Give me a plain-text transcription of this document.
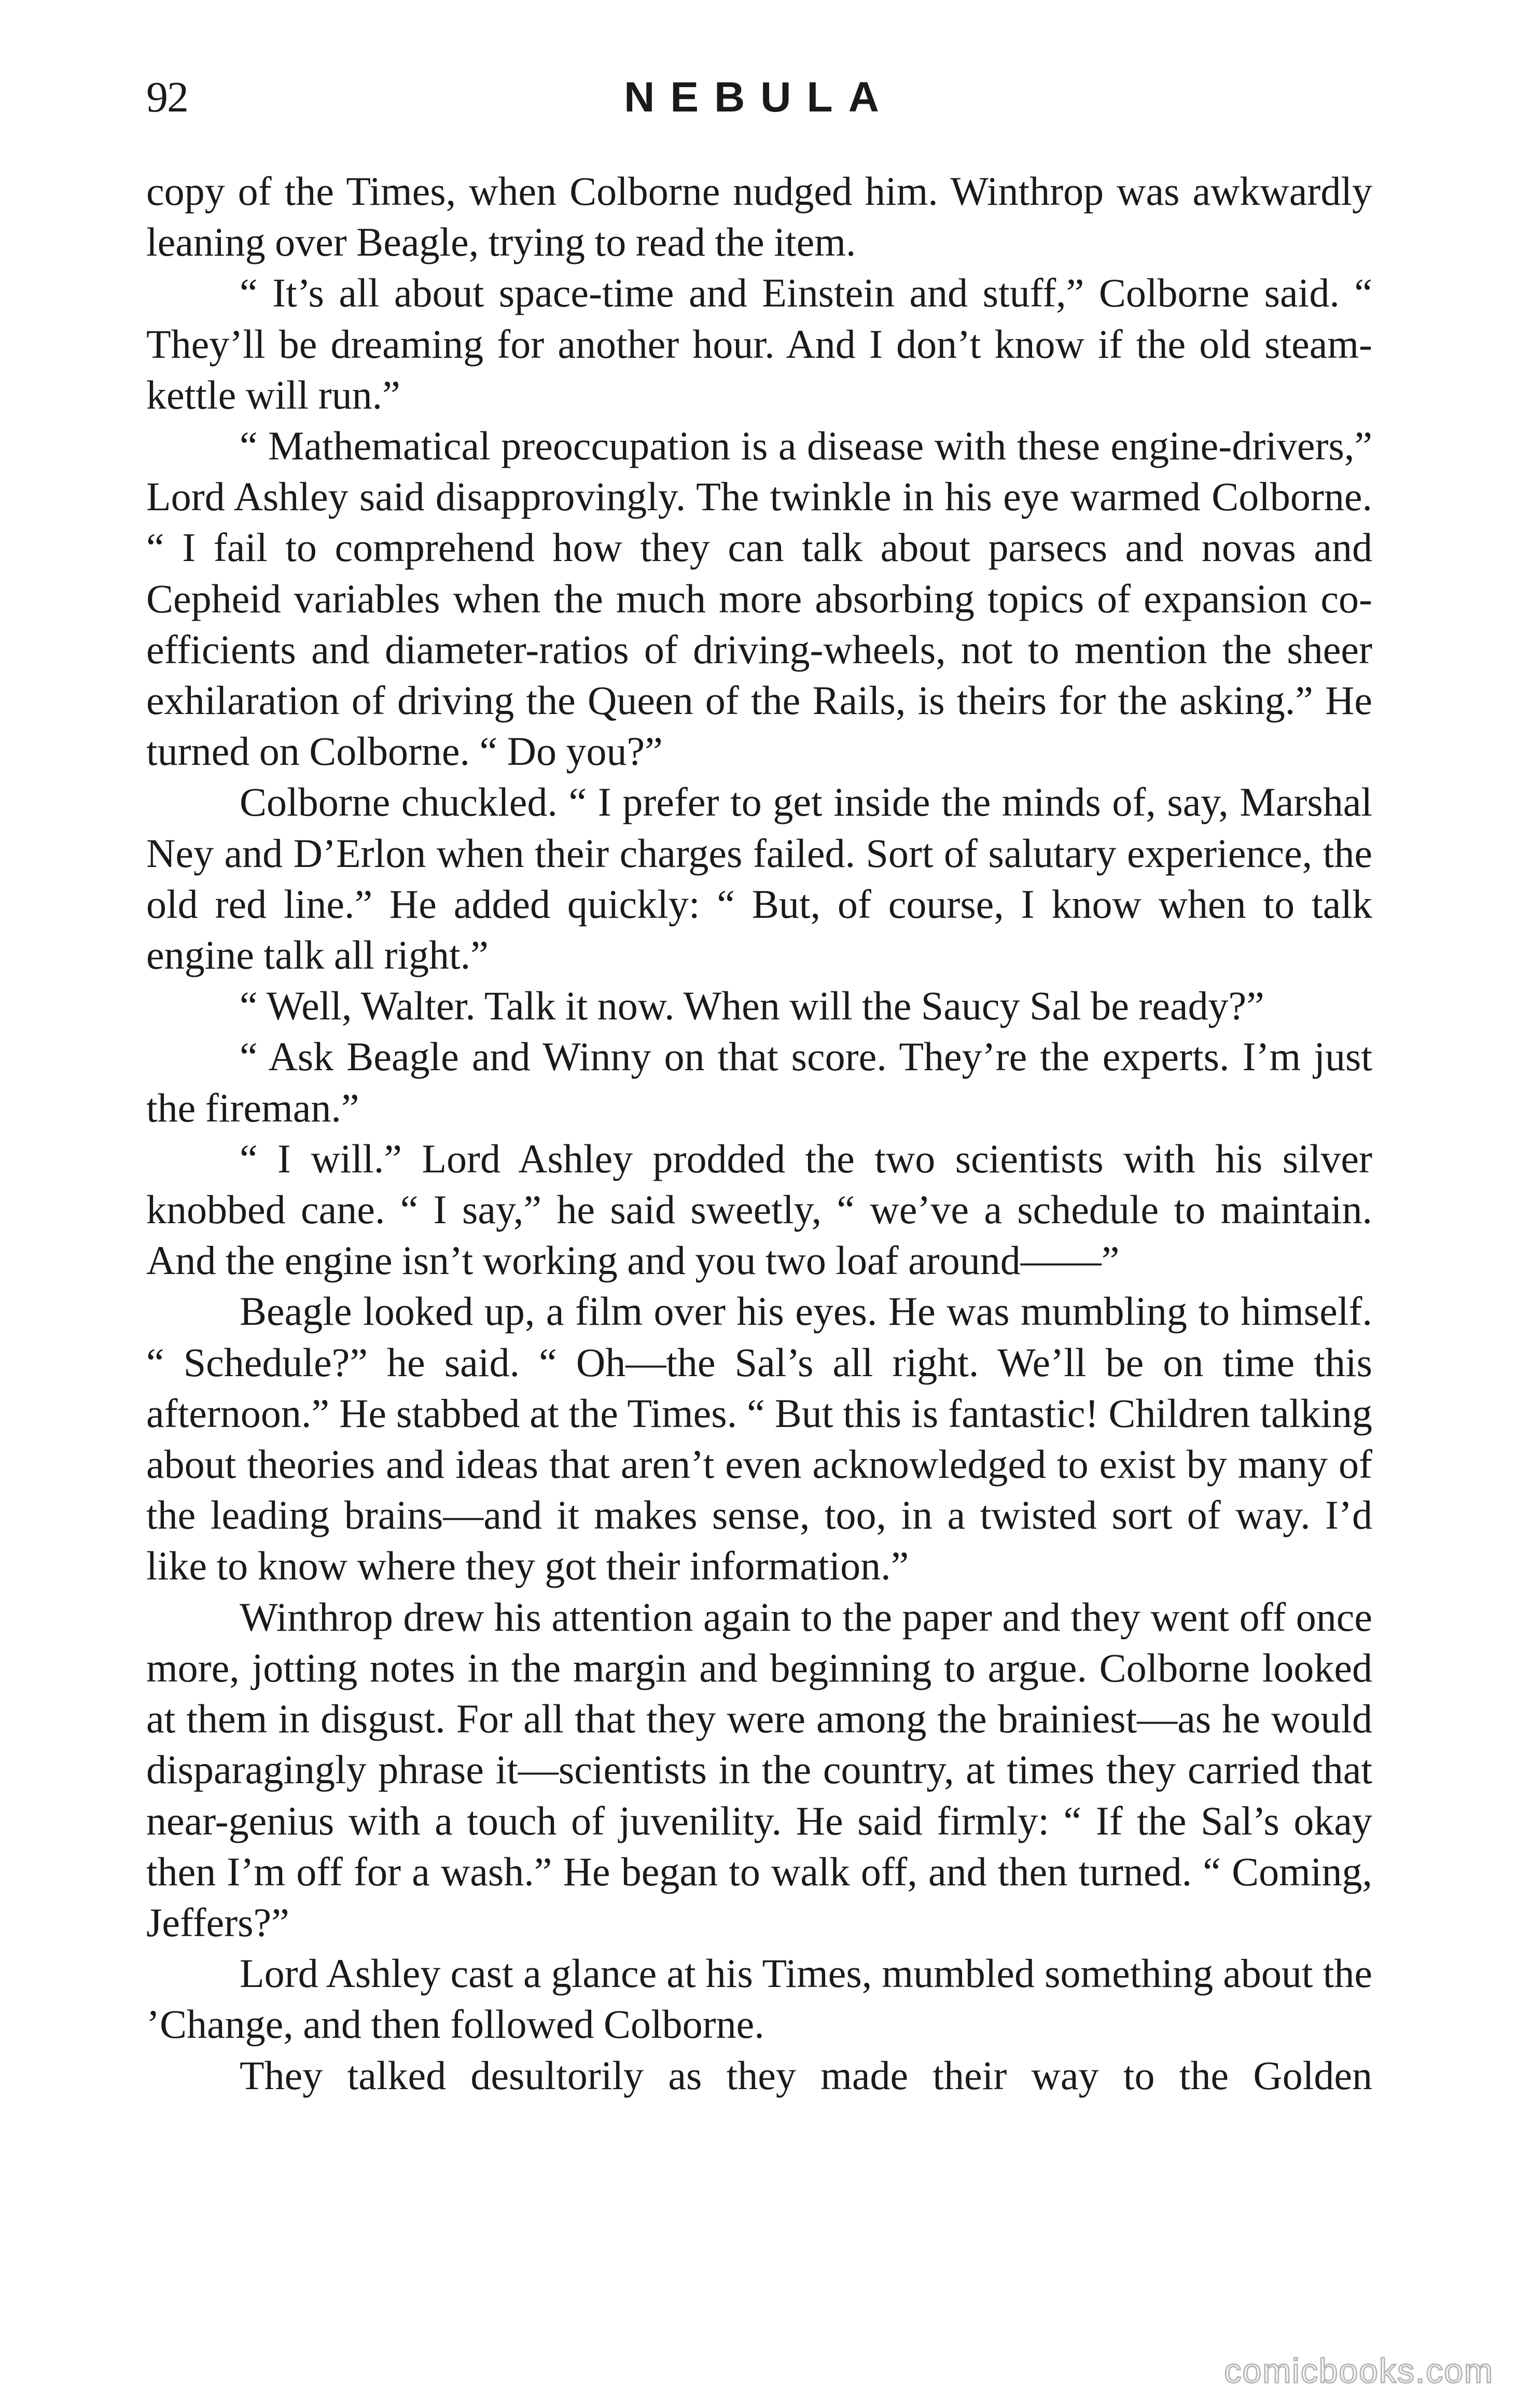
92	NEBULA

copy of the Times, when Colborne nudged him. Winthrop was awkwardly leaning over Beagle, trying to read the item.

“ It’s all about space-time and Einstein and stuff,” Colborne said. “ They’ll be dreaming for another hour. And I don’t know if the old steam-kettle will run.”

“ Mathematical preoccupation is a disease with these engine-drivers,” Lord Ashley said disapprovingly. The twinkle in his eye warmed Colborne. “ I fail to comprehend how they can talk about parsecs and novas and Cepheid variables when the much more absorbing topics of expansion co-efficients and diameter-ratios of driving-wheels, not to mention the sheer exhilaration of driving the Queen of the Rails, is theirs for the asking.” He turned on Colborne. “ Do you?”

Colborne chuckled. “ I prefer to get inside the minds of, say, Marshal Ney and D’Erlon when their charges failed. Sort of salutary experience, the old red line.” He added quickly: “ But, of course, I know when to talk engine talk all right.”

“ Well, Walter. Talk it now. When will the Saucy Sal be ready?”

“ Ask Beagle and Winny on that score. They’re the experts. I’m just the fireman.”

“ I will.” Lord Ashley prodded the two scientists with his silver knobbed cane. “ I say,” he said sweetly, “ we’ve a schedule to maintain. And the engine isn’t working and you two loaf around——”

Beagle looked up, a film over his eyes. He was mumbling to himself. “ Schedule?” he said. “ Oh—the Sal’s all right. We’ll be on time this afternoon.” He stabbed at the Times. “ But this is fantastic! Children talking about theories and ideas that aren’t even acknowledged to exist by many of the leading brains—and it makes sense, too, in a twisted sort of way. I’d like to know where they got their information.”

Winthrop drew his attention again to the paper and they went off once more, jotting notes in the margin and beginning to argue. Colborne looked at them in disgust. For all that they were among the brainiest—as he would disparagingly phrase it—scientists in the country, at times they carried that near-genius with a touch of juvenility. He said firmly: “ If the Sal’s okay then I’m off for a wash.” He began to walk off, and then turned. “ Coming, Jeffers?”

Lord Ashley cast a glance at his Times, mumbled something about the ’Change, and then followed Colborne.

They talked desultorily as they made their way to the Golden

comicbooks.com
